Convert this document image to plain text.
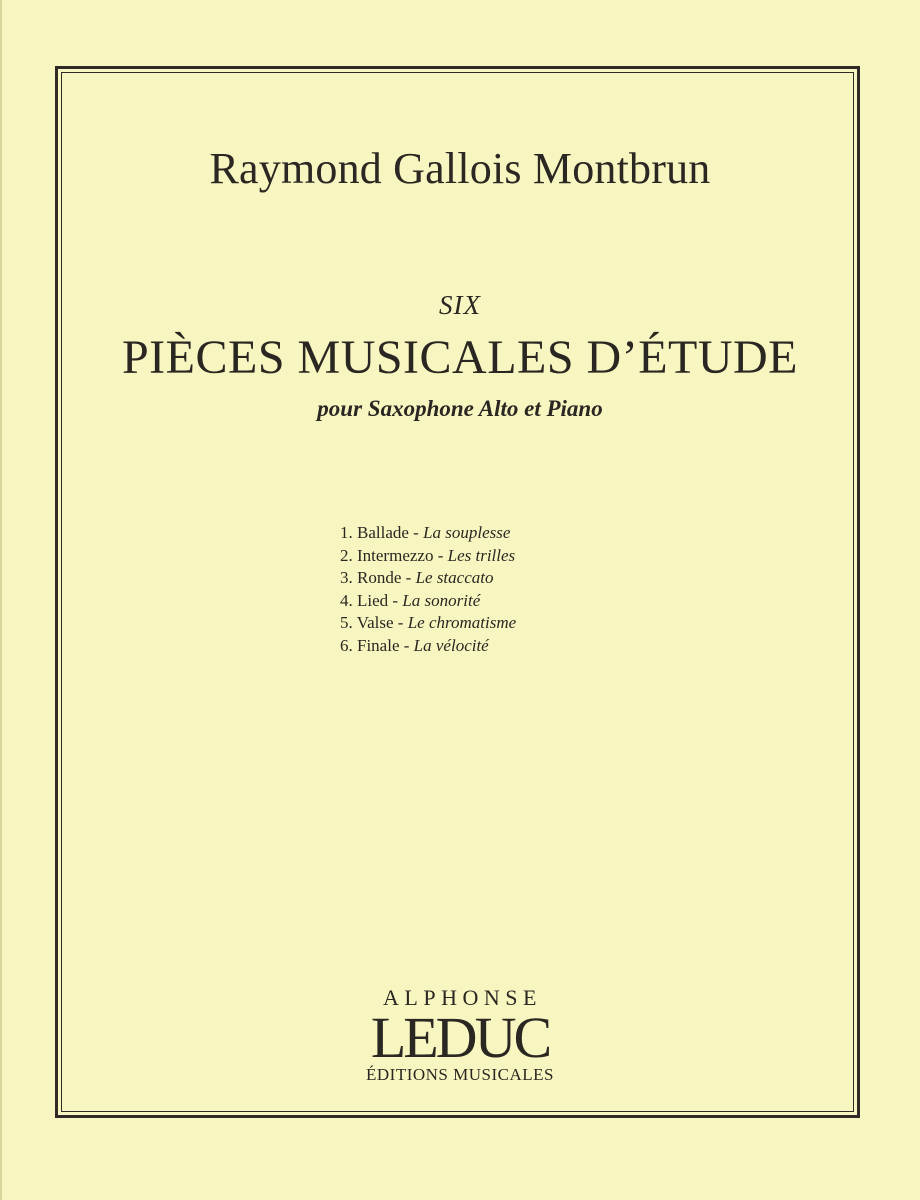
Raymond Gallois Montbrun
SIX
PIÈCES MUSICALES D’ÉTUDE
pour Saxophone Alto et Piano
1. Ballade - La souplesse
2. Intermezzo - Les trilles
3. Ronde - Le staccato
4. Lied - La sonorité
5. Valse - Le chromatisme
6. Finale - La vélocité
ALPHONSE
LEDUC
ÉDITIONS MUSICALES
